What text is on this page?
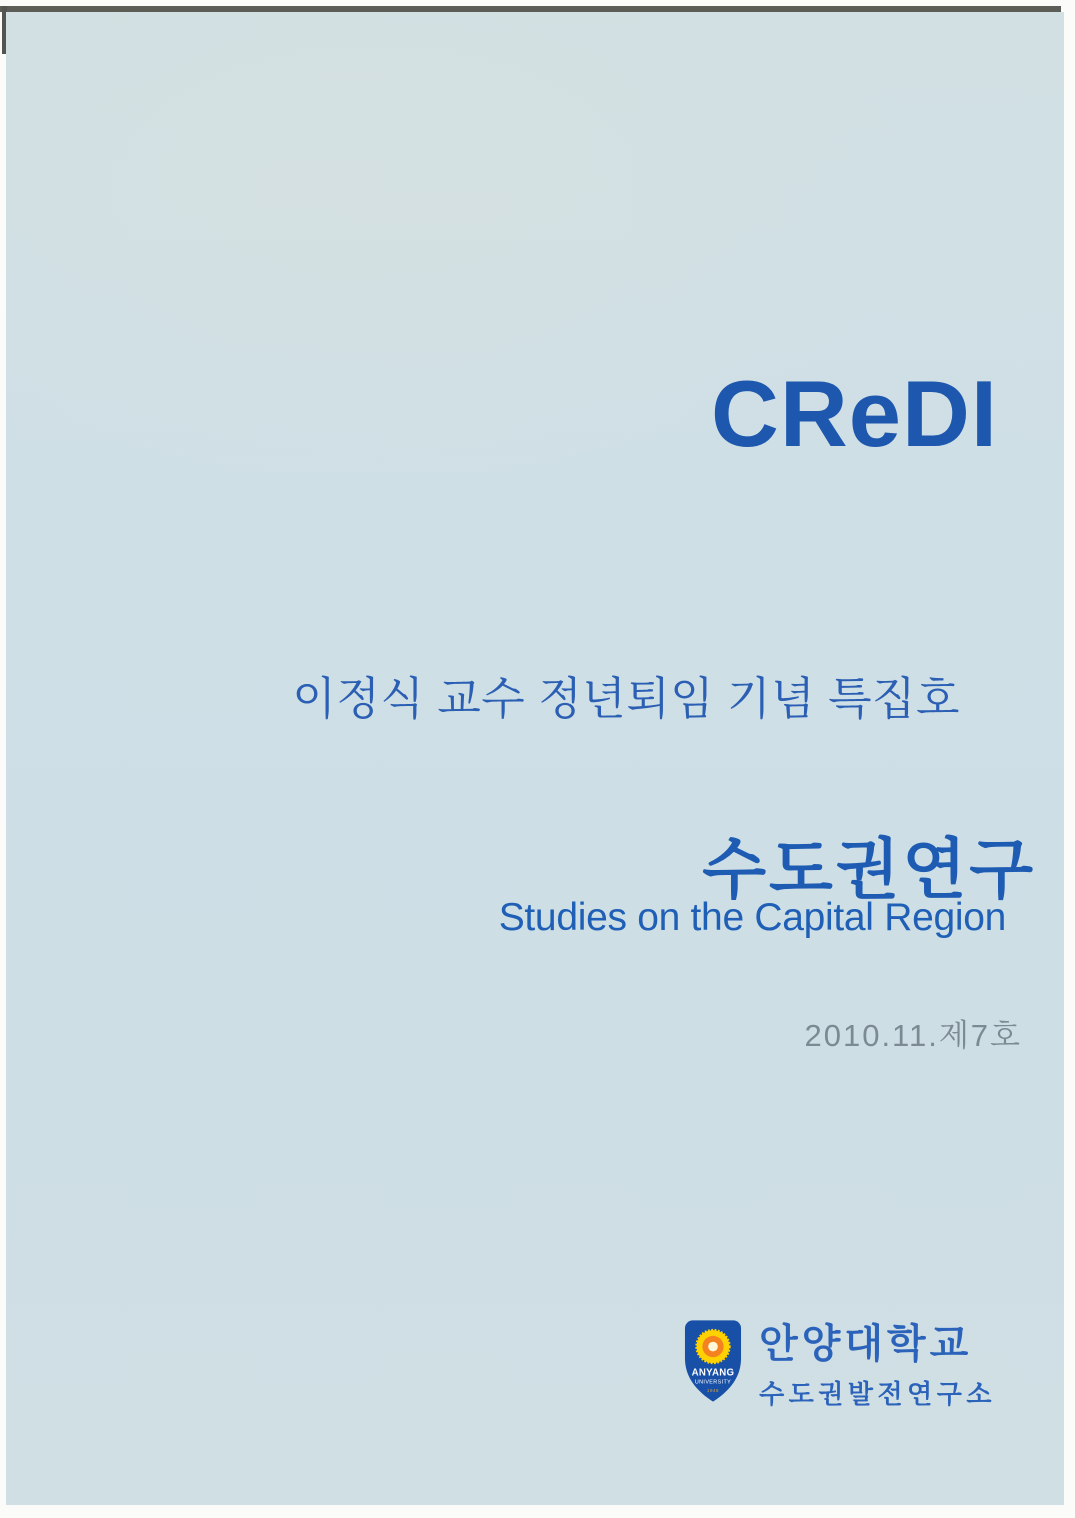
CReDI
이정식 교수 정년퇴임 기념 특집호
수도권연구
Studies on the Capital Region
2010.11.제7호
ANYANG
UNIVERSITY
1948
안양대학교
수도권발전연구소
